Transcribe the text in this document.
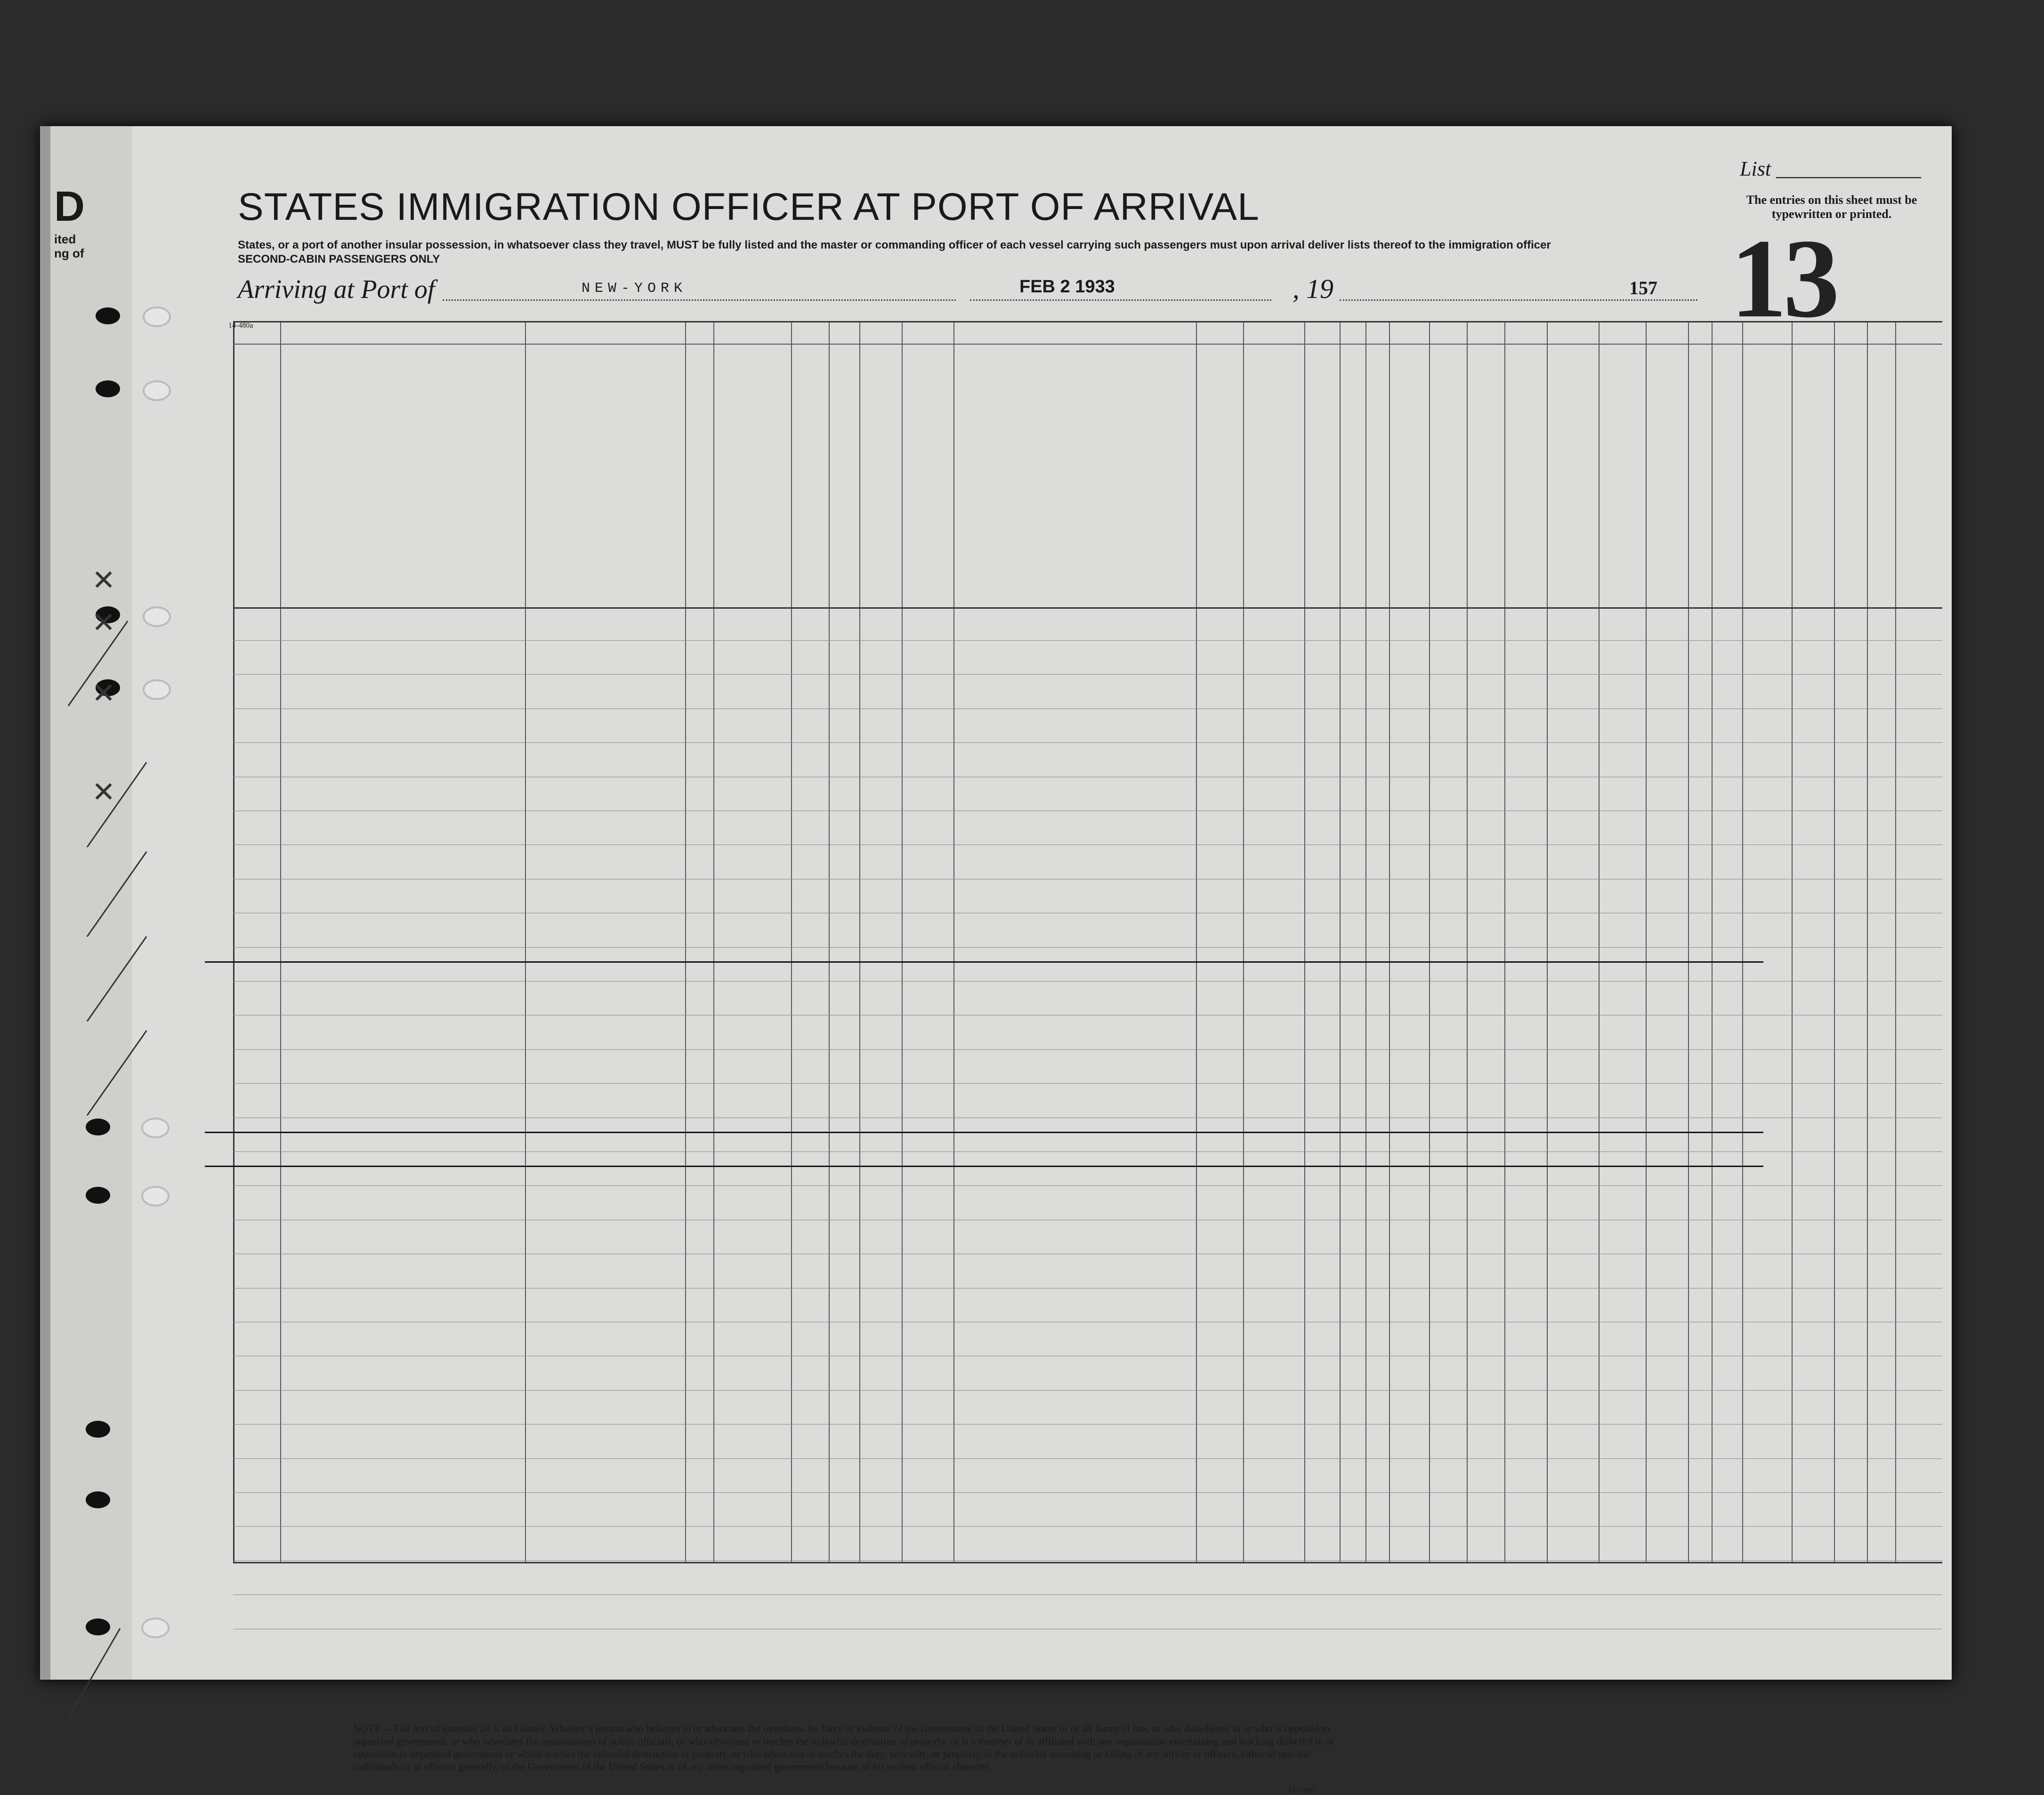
D
ited
ng of
✕
✕
✕
✕
List ______________
The entries on this sheet must be typewritten or printed.
13
STATES IMMIGRATION OFFICER AT PORT OF ARRIVAL
States, or a port of another insular possession, in whatsoever class they travel, MUST be fully listed and the master or commanding officer of each vessel carrying such passengers must upon arrival deliver lists thereof to the immigration officer
SECOND-CABIN PASSENGERS ONLY
Arriving at Port of	NEW-YORK	FEB 2 1933	, 19	157
14-480a
NOTE.—Full text of question 28 is as follows: Whether a person who believes in or advocates the overthrow by force or violence of the Government of the United States or of all forms of law, or who disbelieves in or who is opposed to organized government, or who advocates the assassination of public officials, or who advocates or teaches the unlawful destruction of property, or is a member of or affiliated with any organization entertaining and teaching disbelief in or opposition to organized government or which teaches the unlawful destruction of property, or who advocates or teaches the duty, necessity, or propriety of the unlawful assaulting or killing of any officer or officers, either of specific individuals or of officers generally, of the Government of the United States or of any other organized government because of his or their official character.
14—180
